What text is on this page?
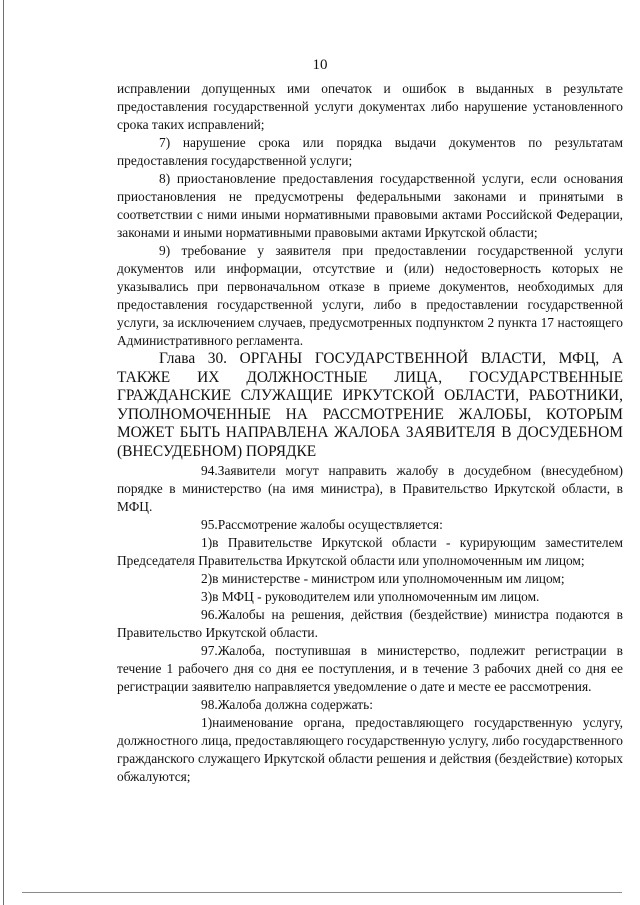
10

исправлении допущенных ими опечаток и ошибок в выданных в результате предоставления государственной услуги документах либо нарушение установленного срока таких исправлений;

7) нарушение срока или порядка выдачи документов по результатам предоставления государственной услуги;

8) приостановление предоставления государственной услуги, если основания приостановления не предусмотрены федеральными законами и принятыми в соответствии с ними иными нормативными правовыми актами Российской Федерации, законами и иными нормативными правовыми актами Иркутской области;

9) требование у заявителя при предоставлении государственной услуги документов или информации, отсутствие и (или) недостоверность которых не указывались при первоначальном отказе в приеме документов, необходимых для предоставления государственной услуги, либо в предоставлении государственной услуги, за исключением случаев, предусмотренных подпунктом 2 пункта 17 настоящего Административного регламента.

Глава 30. ОРГАНЫ ГОСУДАРСТВЕННОЙ ВЛАСТИ, МФЦ, А ТАКЖЕ ИХ ДОЛЖНОСТНЫЕ ЛИЦА, ГОСУДАРСТВЕННЫЕ ГРАЖДАНСКИЕ СЛУЖАЩИЕ ИРКУТСКОЙ ОБЛАСТИ, РАБОТНИКИ, УПОЛНОМОЧЕННЫЕ НА РАССМОТРЕНИЕ ЖАЛОБЫ, КОТОРЫМ МОЖЕТ БЫТЬ НАПРАВЛЕНА ЖАЛОБА ЗАЯВИТЕЛЯ В ДОСУДЕБНОМ (ВНЕСУДЕБНОМ) ПОРЯДКЕ

94.Заявители могут направить жалобу в досудебном (внесудебном) порядке в министерство (на имя министра), в Правительство Иркутской области, в МФЦ.

95.Рассмотрение жалобы осуществляется:

1)в Правительстве Иркутской области - курирующим заместителем Председателя Правительства Иркутской области или уполномоченным им лицом;

2)в министерстве - министром или уполномоченным им лицом;

3)в МФЦ - руководителем или уполномоченным им лицом.

96.Жалобы на решения, действия (бездействие) министра подаются в Правительство Иркутской области.

97.Жалоба, поступившая в министерство, подлежит регистрации в течение 1 рабочего дня со дня ее поступления, и в течение 3 рабочих дней со дня ее регистрации заявителю направляется уведомление о дате и месте ее рассмотрения.

98.Жалоба должна содержать:

1)наименование органа, предоставляющего государственную услугу, должностного лица, предоставляющего государственную услугу, либо государственного гражданского служащего Иркутской области решения и действия (бездействие) которых обжалуются;
